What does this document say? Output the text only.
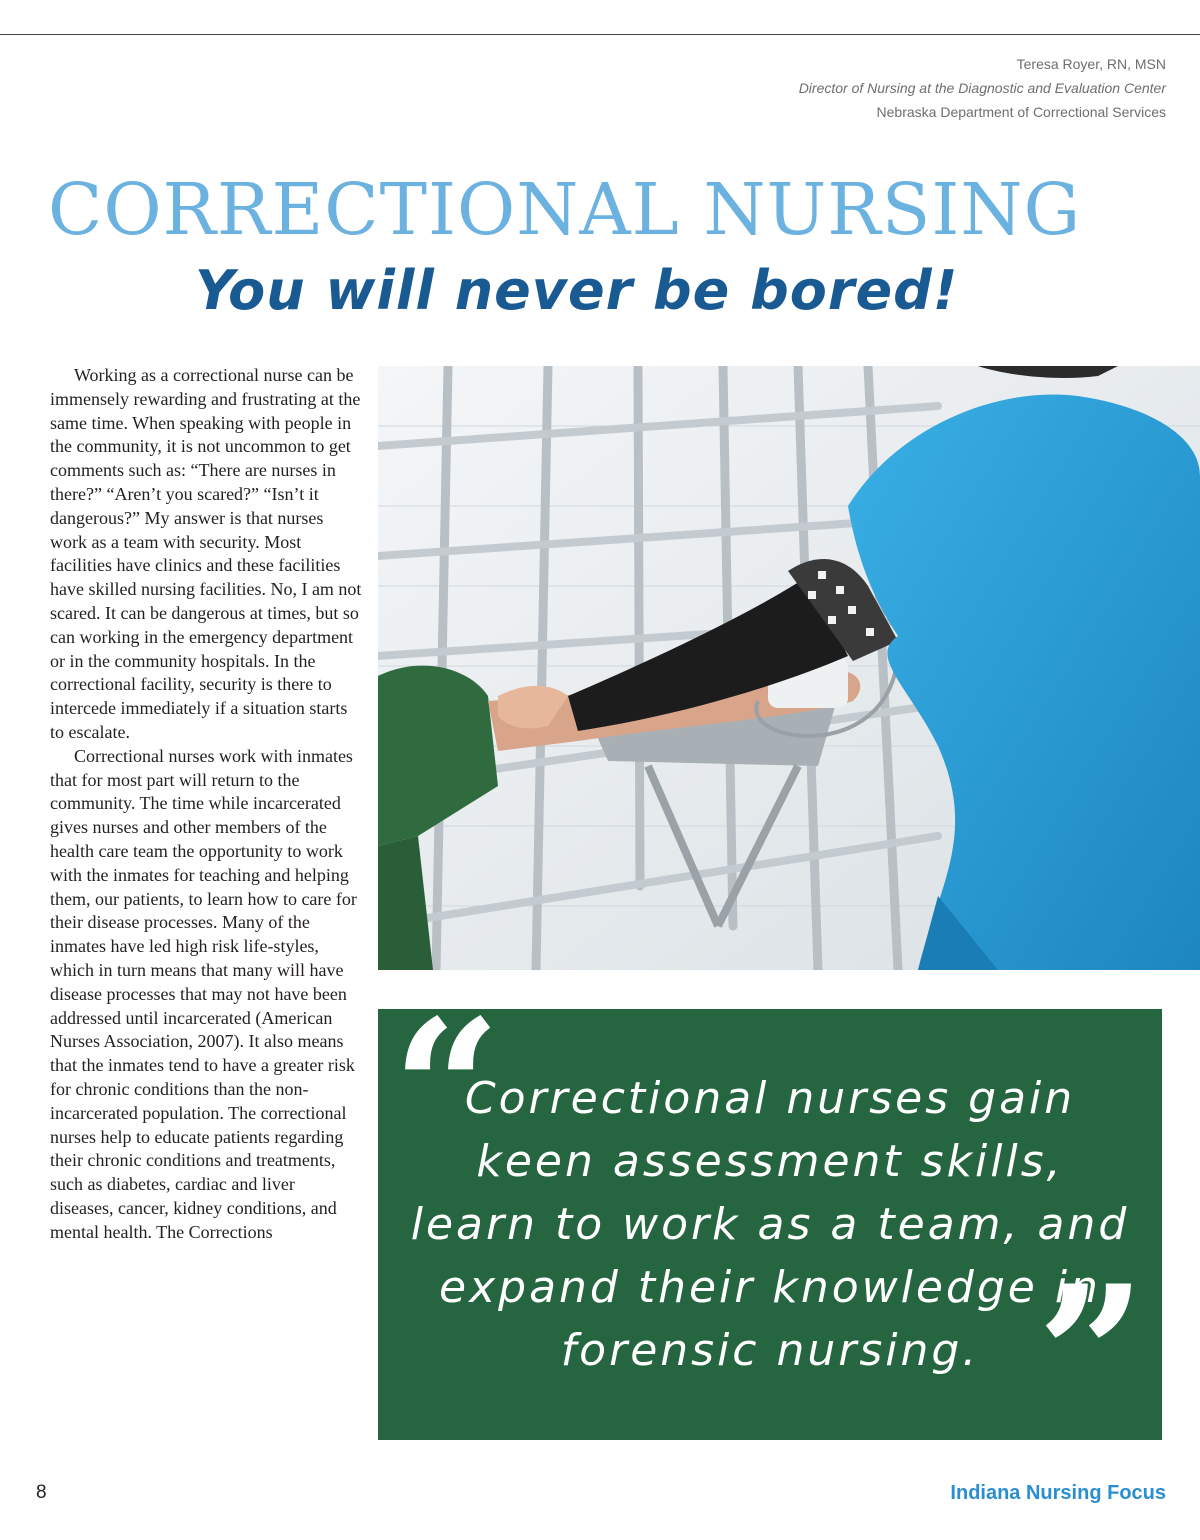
Teresa Royer, RN, MSN
Director of Nursing at the Diagnostic and Evaluation Center
Nebraska Department of Correctional Services
CORRECTIONAL NURSING
You will never be bored!

Working as a correctional nurse can be immensely rewarding and frustrating at the same time. When speaking with people in the community, it is not uncommon to get comments such as: “There are nurses in there?” “Aren’t you scared?” “Isn’t it dangerous?” My answer is that nurses work as a team with security. Most facilities have clinics and these facilities have skilled nursing facilities. No, I am not scared. It can be dangerous at times, but so can working in the emergency department or in the community hospitals. In the correctional facility, security is there to intercede immediately if a situation starts to escalate.

Correctional nurses work with inmates that for most part will return to the community. The time while incarcerated gives nurses and other members of the health care team the opportunity to work with the inmates for teaching and helping them, our patients, to learn how to care for their disease processes. Many of the inmates have led high risk life-styles, which in turn means that many will have disease processes that may not have been addressed until incarcerated (American Nurses Association, 2007). It also means that the inmates tend to have a greater risk for chronic conditions than the non-incarcerated population. The correctional nurses help to educate patients regarding their chronic conditions and treatments, such as diabetes, cardiac and liver diseases, cancer, kidney conditions, and mental health. The Corrections

“
Correctional nurses gain keen assessment skills, learn to work as a team, and expand their knowledge in forensic nursing. ”
8	Indiana Nursing Focus
